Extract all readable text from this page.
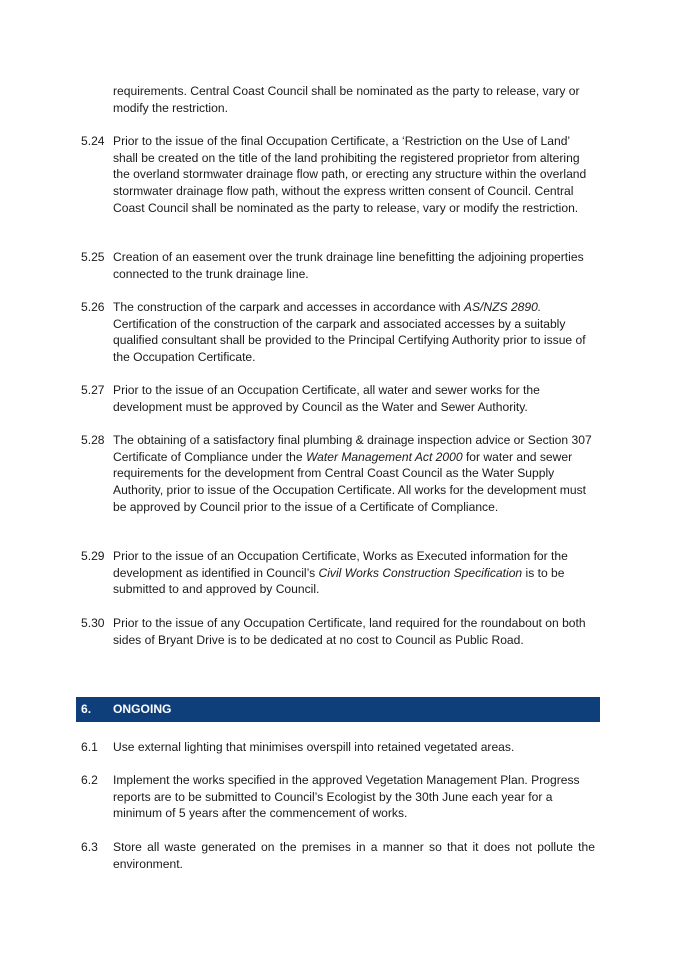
requirements. Central Coast Council shall be nominated as the party to release, vary or modify the restriction.

5.24 Prior to the issue of the final Occupation Certificate, a ‘Restriction on the Use of Land’ shall be created on the title of the land prohibiting the registered proprietor from altering the overland stormwater drainage flow path, or erecting any structure within the overland stormwater drainage flow path, without the express written consent of Council. Central Coast Council shall be nominated as the party to release, vary or modify the restriction.

5.25 Creation of an easement over the trunk drainage line benefitting the adjoining properties connected to the trunk drainage line.

5.26 The construction of the carpark and accesses in accordance with AS/NZS 2890. Certification of the construction of the carpark and associated accesses by a suitably qualified consultant shall be provided to the Principal Certifying Authority prior to issue of the Occupation Certificate.

5.27 Prior to the issue of an Occupation Certificate, all water and sewer works for the development must be approved by Council as the Water and Sewer Authority.

5.28 The obtaining of a satisfactory final plumbing & drainage inspection advice or Section 307 Certificate of Compliance under the Water Management Act 2000 for water and sewer requirements for the development from Central Coast Council as the Water Supply Authority, prior to issue of the Occupation Certificate. All works for the development must be approved by Council prior to the issue of a Certificate of Compliance.

5.29 Prior to the issue of an Occupation Certificate, Works as Executed information for the development as identified in Council’s Civil Works Construction Specification is to be submitted to and approved by Council.

5.30 Prior to the issue of any Occupation Certificate, land required for the roundabout on both sides of Bryant Drive is to be dedicated at no cost to Council as Public Road.

6. ONGOING

6.1 Use external lighting that minimises overspill into retained vegetated areas.

6.2 Implement the works specified in the approved Vegetation Management Plan. Progress reports are to be submitted to Council’s Ecologist by the 30th June each year for a minimum of 5 years after the commencement of works.

6.3 Store all waste generated on the premises in a manner so that it does not pollute the environment.
